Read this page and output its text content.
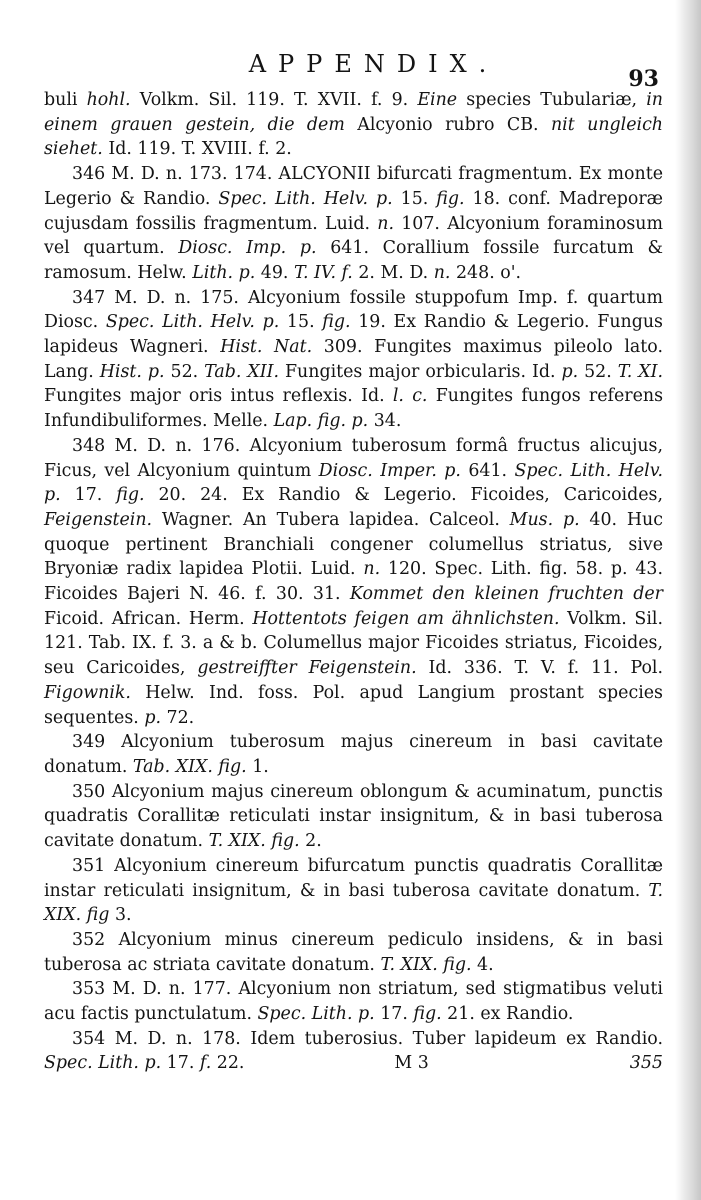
APPENDIX.
93

buli hohl. Volkm. Sil. 119. T. XVII. f. 9. Eine species Tubulariæ, in einem grauen gestein, die dem Alcyonio rubro CB. nit ungleich siehet. Id. 119. T. XVIII. f. 2.

346 M. D. n. 173. 174. ALCYONII bifurcati fragmentum. Ex monte Legerio & Randio. Spec. Lith. Helv. p. 15. fig. 18. conf. Madreporæ cujusdam fossilis fragmentum. Luid. n. 107. Alcyonium foraminosum vel quartum. Diosc. Imp. p. 641. Corallium fossile furcatum & ramosum. Helw. Lith. p. 49. T. IV. f. 2. M. D. n. 248. o'.

347 M. D. n. 175. Alcyonium fossile stuppofum Imp. f. quartum Diosc. Spec. Lith. Helv. p. 15. fig. 19. Ex Randio & Legerio. Fungus lapideus Wagneri. Hist. Nat. 309. Fungites maximus pileolo lato. Lang. Hist. p. 52. Tab. XII. Fungites major orbicularis. Id. p. 52. T. XI. Fungites major oris intus reflexis. Id. l. c. Fungites fungos referens Infundibuliformes. Melle. Lap. fig. p. 34.

348 M. D. n. 176. Alcyonium tuberosum formâ fructus alicujus, Ficus, vel Alcyonium quintum Diosc. Imper. p. 641. Spec. Lith. Helv. p. 17. fig. 20. 24. Ex Randio & Legerio. Ficoides, Caricoides, Feigenstein. Wagner. An Tubera lapidea. Calceol. Mus. p. 40. Huc quoque pertinent Branchiali congener columellus striatus, sive Bryoniæ radix lapidea Plotii. Luid. n. 120. Spec. Lith. fig. 58. p. 43. Ficoides Bajeri N. 46. f. 30. 31. Kommet den kleinen fruchten der Ficoid. African. Herm. Hottentots feigen am ähnlichsten. Volkm. Sil. 121. Tab. IX. f. 3. a & b. Columellus major Ficoides striatus, Ficoides, seu Caricoides, gestreiffter Feigenstein. Id. 336. T. V. f. 11. Pol. Figownik. Helw. Ind. foss. Pol. apud Langium prostant species sequentes. p. 72.

349 Alcyonium tuberosum majus cinereum in basi cavitate donatum. Tab. XIX. fig. 1.

350 Alcyonium majus cinereum oblongum & acuminatum, punctis quadratis Corallitæ reticulati instar insignitum, & in basi tuberosa cavitate donatum. T. XIX. fig. 2.

351 Alcyonium cinereum bifurcatum punctis quadratis Corallitæ instar reticulati insignitum, & in basi tuberosa cavitate donatum. T. XIX. fig 3.

352 Alcyonium minus cinereum pediculo insidens, & in basi tuberosa ac striata cavitate donatum. T. XIX. fig. 4.

353 M. D. n. 177. Alcyonium non striatum, sed stigmatibus veluti acu factis punctulatum. Spec. Lith. p. 17. fig. 21. ex Randio.

354 M. D. n. 178. Idem tuberosius. Tuber lapideum ex Randio. Spec. Lith. p. 17. f. 22.	M 3	355
